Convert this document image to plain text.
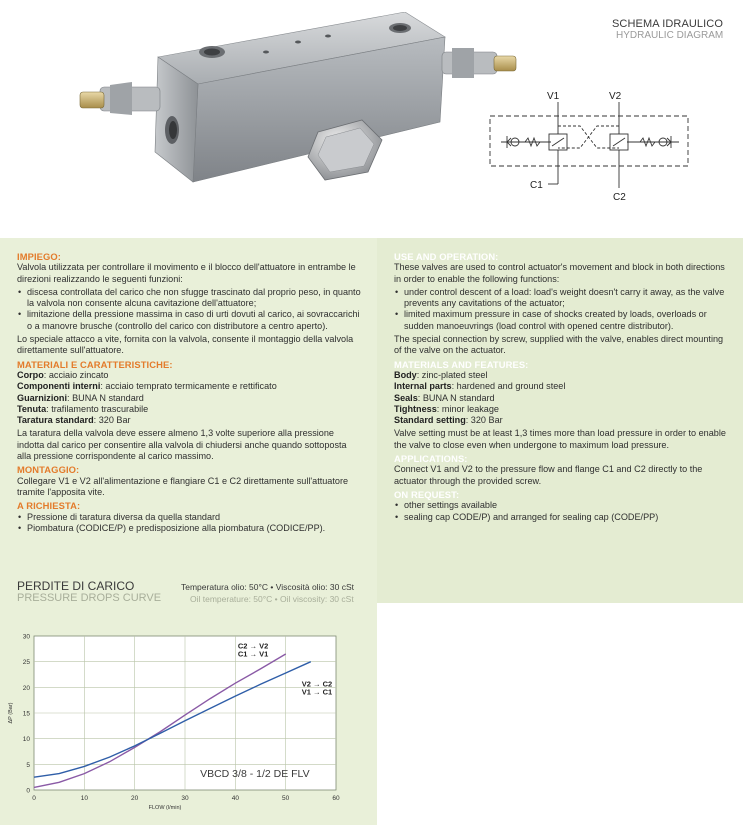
SCHEMA IDRAULICO
HYDRAULIC DIAGRAM
V1	V2
C1
C2
IMPIEGO:
Valvola utilizzata per controllare il movimento e il blocco dell'attuatore in entrambe le direzioni realizzando le seguenti funzioni:
• discesa controllata del carico che non sfugge trascinato dal proprio peso, in quanto la valvola non consente alcuna cavitazione dell'attuatore;
• limitazione della pressione massima in caso di urti dovuti al carico, ai sovraccarichi o a manovre brusche (controllo del carico con distributore a centro aperto).
Lo speciale attacco a vite, fornita con la valvola, consente il montaggio della valvola direttamente sull'attuatore.
MATERIALI E CARATTERISTICHE:
Corpo: acciaio zincato
Componenti interni: acciaio temprato termicamente e rettificato
Guarnizioni: BUNA N standard
Tenuta: trafilamento trascurabile
Taratura standard: 320 Bar
La taratura della valvola deve essere almeno 1,3 volte superiore alla pressione indotta dal carico per consentire alla valvola di chiudersi anche quando sottoposta alla pressione corrispondente al carico massimo.
MONTAGGIO:
Collegare V1 e V2 all'alimentazione e flangiare C1 e C2 direttamente sull'attuatore tramite l'apposita vite.
A RICHIESTA:
• Pressione di taratura diversa da quella standard
• Piombatura (CODICE/P) e predisposizione alla piombatura (CODICE/PP).
USE AND OPERATION:
These valves are used to control actuator's movement and block in both directions in order to enable the following functions:
• under control descent of a load: load's weight doesn't carry it away, as the valve prevents any cavitations of the actuator;
• limited maximum pressure in case of shocks created by loads, overloads or sudden manoeuvrings (load control with opened centre distributor).
The special connection by screw, supplied with the valve, enables direct mounting of the valve on the actuator.
MATERIALS AND FEATURES:
Body: zinc-plated steel
Internal parts: hardened and ground steel
Seals: BUNA N standard
Tightness: minor leakage
Standard setting: 320 Bar
Valve setting must be at least 1,3 times more than load pressure in order to enable the valve to close even when undergone to maximum load pressure.
APPLICATIONS:
Connect V1 and V2 to the pressure flow and flange C1 and C2 directly to the actuator through the provided screw.
ON REQUEST:
• other settings available
• sealing cap CODE/P) and arranged for sealing cap (CODE/PP)
PERDITE DI CARICO
PRESSURE DROPS CURVE
Temperatura olio: 50°C • Viscosità olio: 30 cSt
Oil temperature: 50°C • Oil viscosity: 30 cSt
0	10	20	30	40	50	60
0
5
10
15
20
25
30
FLOW (l/min)
ΔP (Bar)
C2 → V2
C1 → V1
V2 → C2
V1 → C1
VBCD 3/8 - 1/2 DE FLV
